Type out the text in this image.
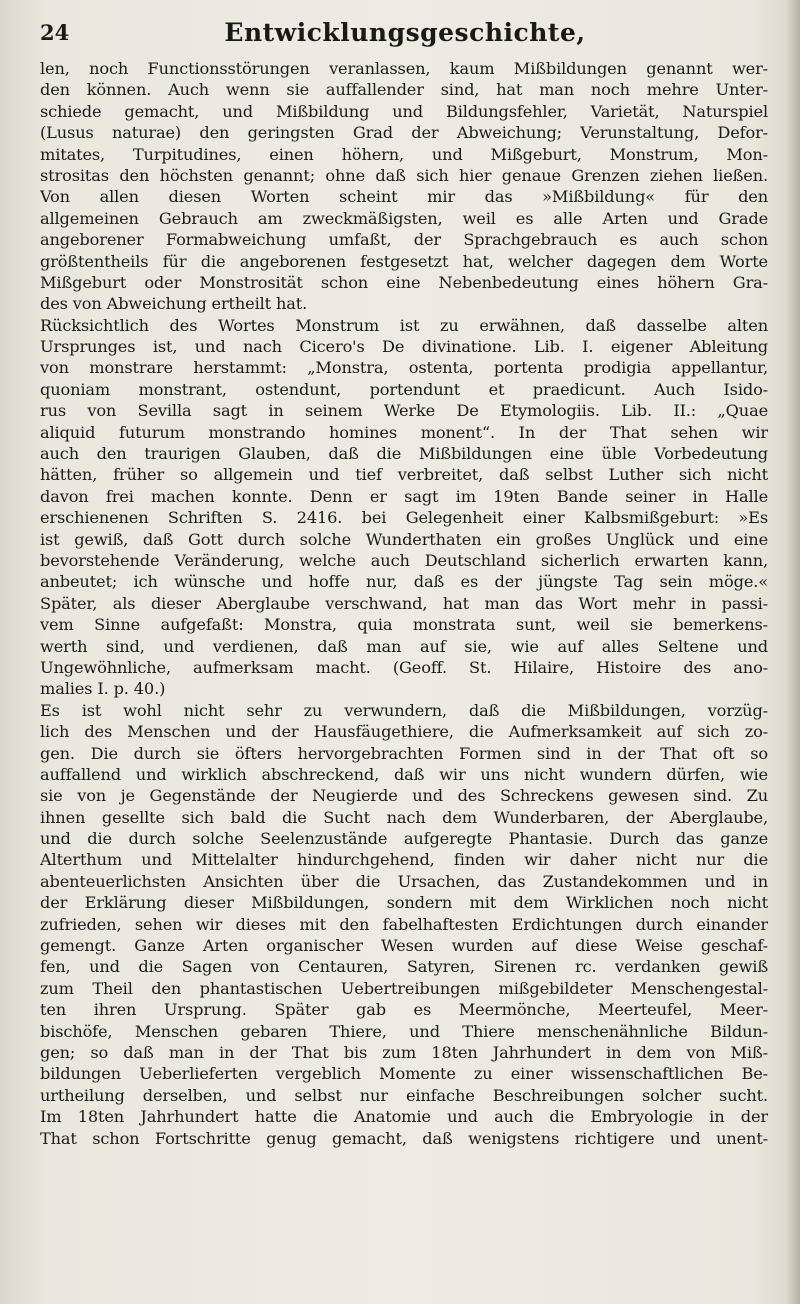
24	Entwicklungsgeschichte,
len, noch Functionsstörungen veranlassen, kaum Mißbildungen genannt wer-
den können. Auch wenn sie auffallender sind, hat man noch mehre Unter-
schiede gemacht, und Mißbildung und Bildungsfehler, Varietät, Naturspiel
(Lusus naturae) den geringsten Grad der Abweichung; Verunstaltung, Defor-
mitates, Turpitudines, einen höhern, und Mißgeburt, Monstrum, Mon-
strositas den höchsten genannt; ohne daß sich hier genaue Grenzen ziehen ließen.
Von allen diesen Worten scheint mir das »Mißbildung« für den
allgemeinen Gebrauch am zweckmäßigsten, weil es alle Arten und Grade
angeborener Formabweichung umfaßt, der Sprachgebrauch es auch schon
größtentheils für die angeborenen festgesetzt hat, welcher dagegen dem Worte
Mißgeburt oder Monstrosität schon eine Nebenbedeutung eines höhern Gra-
des von Abweichung ertheilt hat.
Rücksichtlich des Wortes Monstrum ist zu erwähnen, daß dasselbe alten
Ursprunges ist, und nach Cicero's De divinatione. Lib. I. eigener Ableitung
von monstrare herstammt: „Monstra, ostenta, portenta prodigia appellantur,
quoniam monstrant, ostendunt, portendunt et praedicunt. Auch Isido-
rus von Sevilla sagt in seinem Werke De Etymologiis. Lib. II.: „Quae
aliquid futurum monstrando homines monent“. In der That sehen wir
auch den traurigen Glauben, daß die Mißbildungen eine üble Vorbedeutung
hätten, früher so allgemein und tief verbreitet, daß selbst Luther sich nicht
davon frei machen konnte. Denn er sagt im 19ten Bande seiner in Halle
erschienenen Schriften S. 2416. bei Gelegenheit einer Kalbsmißgeburt: »Es
ist gewiß, daß Gott durch solche Wunderthaten ein großes Unglück und eine
bevorstehende Veränderung, welche auch Deutschland sicherlich erwarten kann,
anbeutet; ich wünsche und hoffe nur, daß es der jüngste Tag sein möge.«
Später, als dieser Aberglaube verschwand, hat man das Wort mehr in passi-
vem Sinne aufgefaßt: Monstra, quia monstrata sunt, weil sie bemerkens-
werth sind, und verdienen, daß man auf sie, wie auf alles Seltene und
Ungewöhnliche, aufmerksam macht. (Geoff. St. Hilaire, Histoire des ano-
malies I. p. 40.)
Es ist wohl nicht sehr zu verwundern, daß die Mißbildungen, vorzüg-
lich des Menschen und der Hausfäugethiere, die Aufmerksamkeit auf sich zo-
gen. Die durch sie öfters hervorgebrachten Formen sind in der That oft so
auffallend und wirklich abschreckend, daß wir uns nicht wundern dürfen, wie
sie von je Gegenstände der Neugierde und des Schreckens gewesen sind. Zu
ihnen gesellte sich bald die Sucht nach dem Wunderbaren, der Aberglaube,
und die durch solche Seelenzustände aufgeregte Phantasie. Durch das ganze
Alterthum und Mittelalter hindurchgehend, finden wir daher nicht nur die
abenteuerlichsten Ansichten über die Ursachen, das Zustandekommen und in
der Erklärung dieser Mißbildungen, sondern mit dem Wirklichen noch nicht
zufrieden, sehen wir dieses mit den fabelhaftesten Erdichtungen durch einander
gemengt. Ganze Arten organischer Wesen wurden auf diese Weise geschaf-
fen, und die Sagen von Centauren, Satyren, Sirenen rc. verdanken gewiß
zum Theil den phantastischen Uebertreibungen mißgebildeter Menschengestal-
ten ihren Ursprung. Später gab es Meermönche, Meerteufel, Meer-
bischöfe, Menschen gebaren Thiere, und Thiere menschenähnliche Bildun-
gen; so daß man in der That bis zum 18ten Jahrhundert in dem von Miß-
bildungen Ueberlieferten vergeblich Momente zu einer wissenschaftlichen Be-
urtheilung derselben, und selbst nur einfache Beschreibungen solcher sucht.
Im 18ten Jahrhundert hatte die Anatomie und auch die Embryologie in der
That schon Fortschritte genug gemacht, daß wenigstens richtigere und unent-
